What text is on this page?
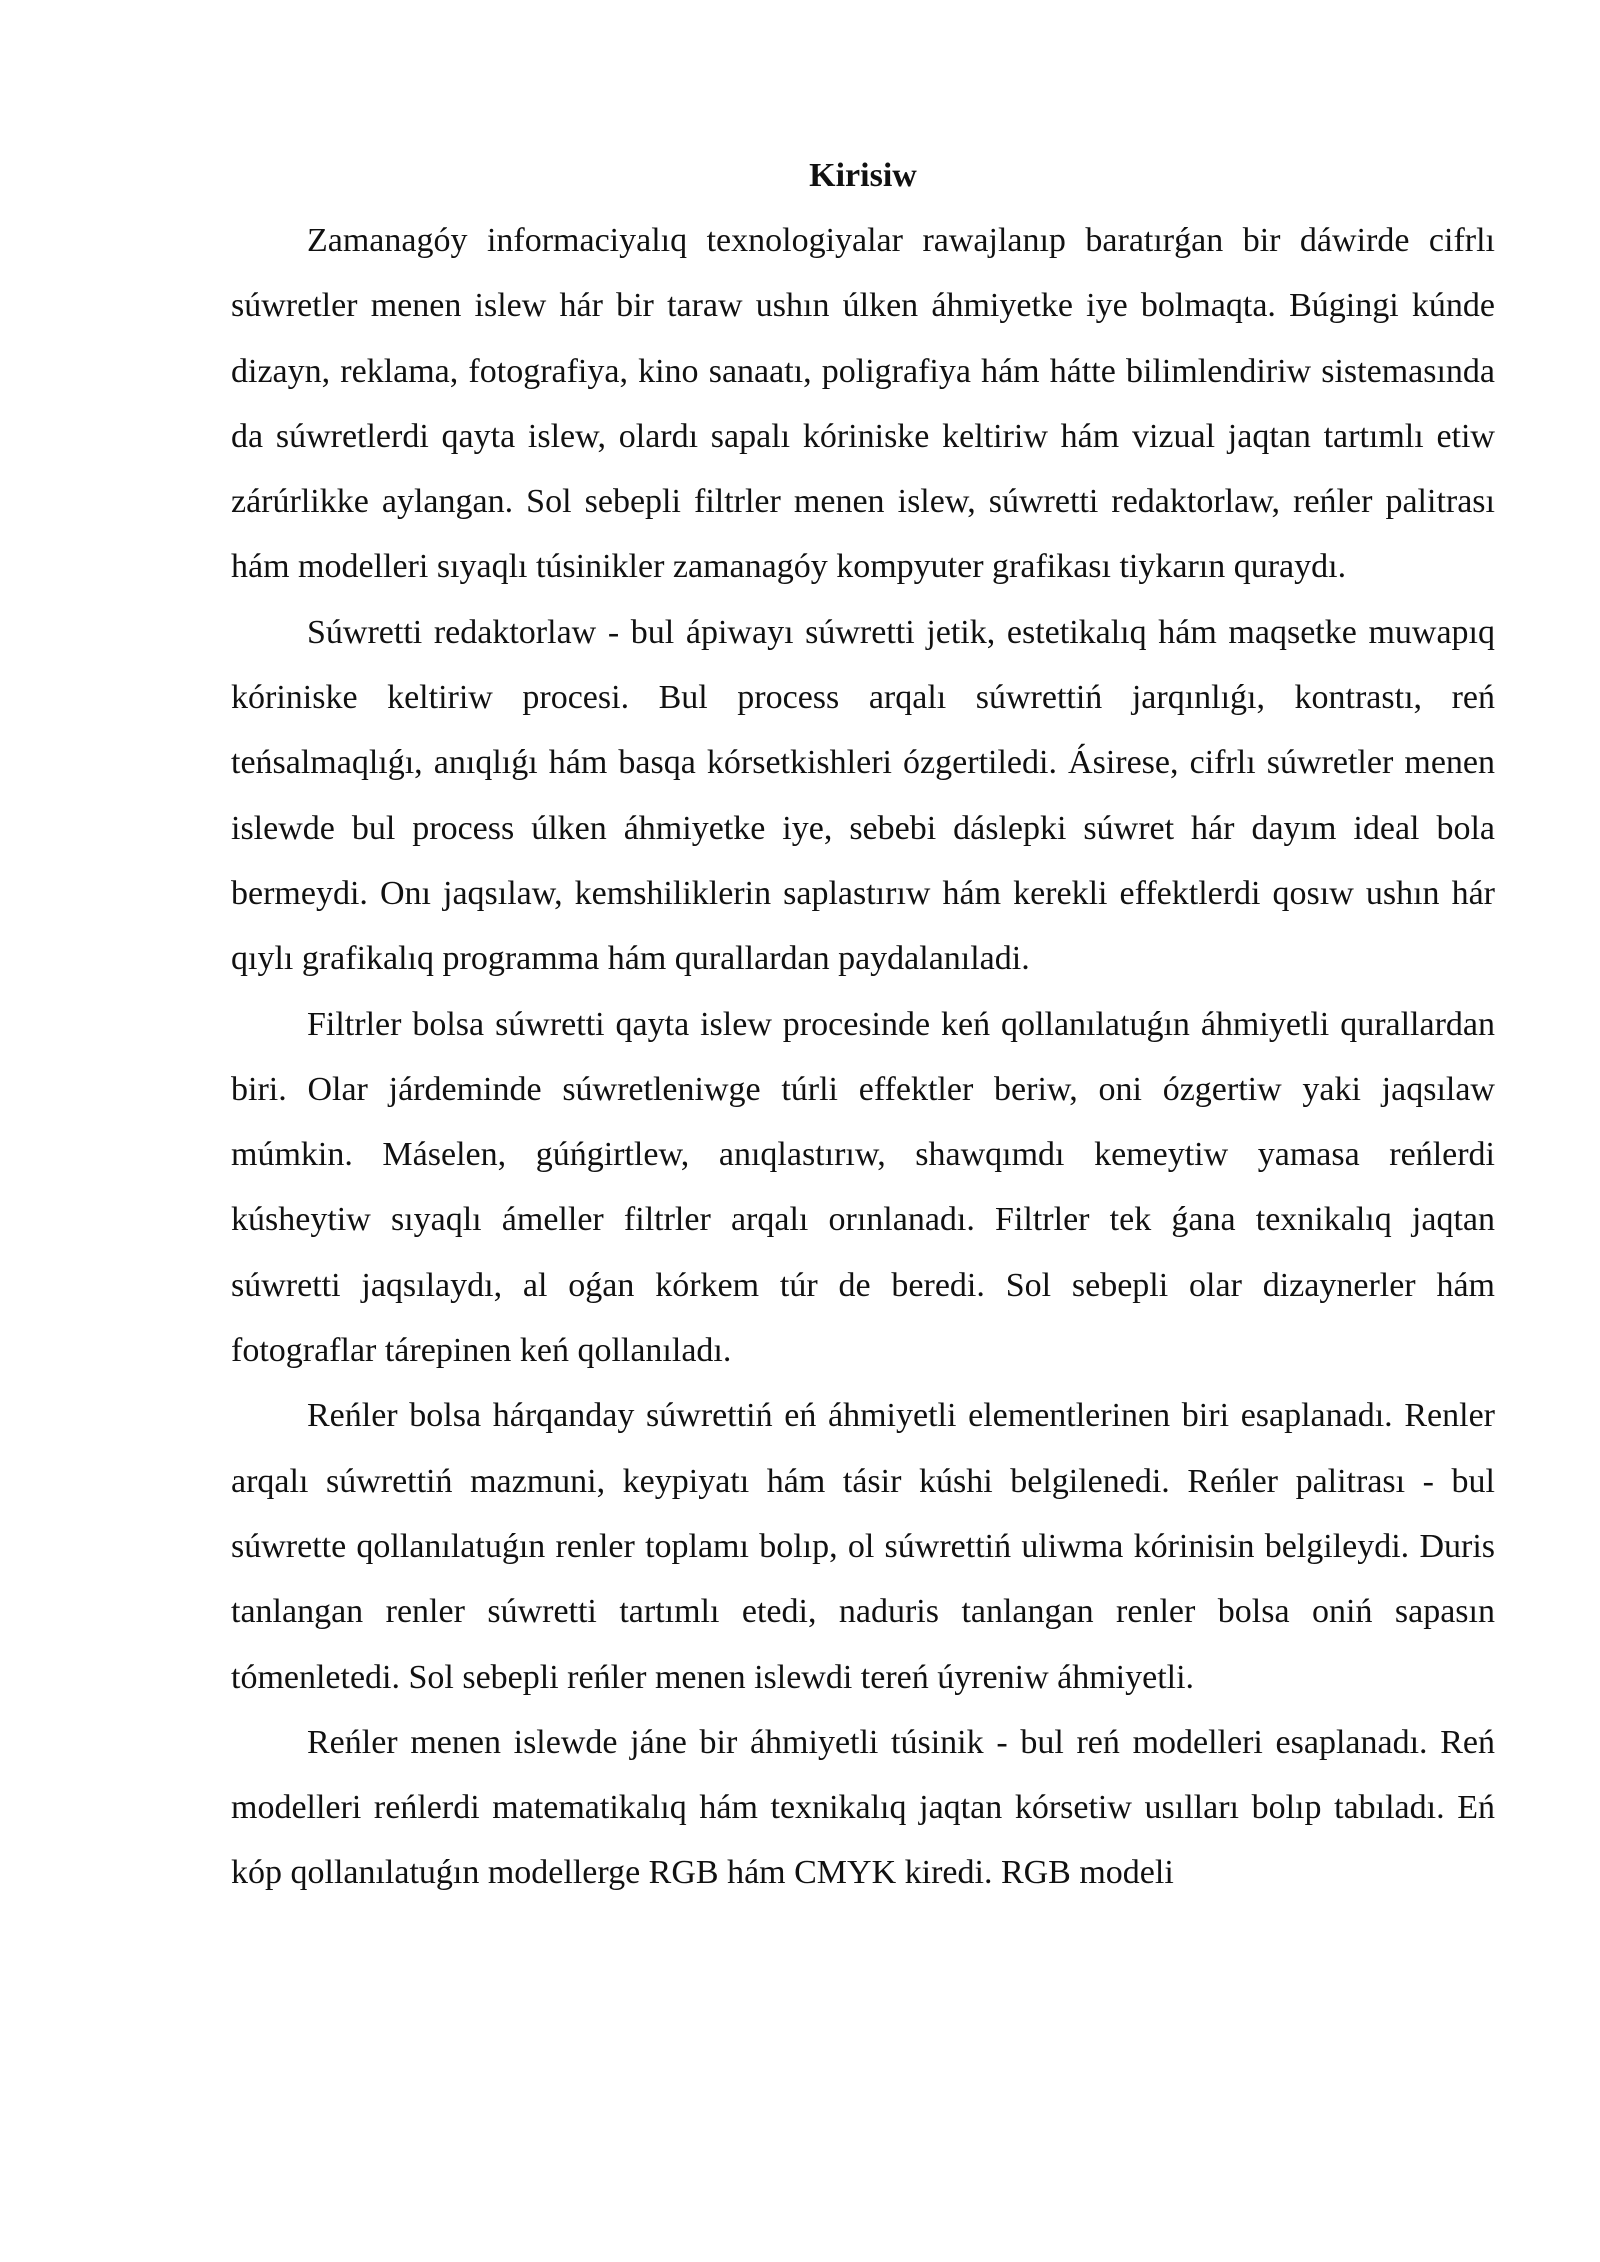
Kirisiw

Zamanagóy informaciyalıq texnologiyalar rawajlanıp baratırǵan bir dáwirde cifrlı súwretler menen islew hár bir taraw ushın úlken áhmiyetke iye bolmaqta. Búgingi kúnde dizayn, reklama, fotografiya, kino sanaatı, poligrafiya hám hátte bilimlendiriw sistemasında da súwretlerdi qayta islew, olardı sapalı kóriniske keltiriw hám vizual jaqtan tartımlı etiw zárúrlikke aylangan. Sol sebepli filtrler menen islew, súwretti redaktorlaw, reńler palitrası hám modelleri sıyaqlı túsinikler zamanagóy kompyuter grafikası tiykarın quraydı.

Súwretti redaktorlaw - bul ápiwayı súwretti jetik, estetikalıq hám maqsetke muwapıq kóriniske keltiriw procesi. Bul process arqalı súwrettiń jarqınlıǵı, kontrastı, reń teńsalmaqlıǵı, anıqlıǵı hám basqa kórsetkishleri ózgertiledi. Ásirese, cifrlı súwretler menen islewde bul process úlken áhmiyetke iye, sebebi dáslepki súwret hár dayım ideal bola bermeydi. Onı jaqsılaw, kemshiliklerin saplastırıw hám kerekli effektlerdi qosıw ushın hár qıylı grafikalıq programma hám qurallardan paydalanıladi.

Filtrler bolsa súwretti qayta islew procesinde keń qollanılatuǵın áhmiyetli qurallardan biri. Olar járdeminde súwretleniwge túrli effektler beriw, oni ózgertiw yaki jaqsılaw múmkin. Máselen, gúńgirtlew, anıqlastırıw, shawqımdı kemeytiw yamasa reńlerdi kúsheytiw sıyaqlı ámeller filtrler arqalı orınlanadı. Filtrler tek ǵana texnikalıq jaqtan súwretti jaqsılaydı, al oǵan kórkem túr de beredi. Sol sebepli olar dizaynerler hám fotograflar tárepinen keń qollanıladı.

Reńler bolsa hárqanday súwrettiń eń áhmiyetli elementlerinen biri esaplanadı. Renler arqalı súwrettiń mazmuni, keypiyatı hám tásir kúshi belgilenedi. Reńler palitrası - bul súwrette qollanılatuǵın renler toplamı bolıp, ol súwrettiń uliwma kórinisin belgileydi. Duris tanlangan renler súwretti tartımlı etedi, naduris tanlangan renler bolsa oniń sapasın tómenletedi. Sol sebepli reńler menen islewdi tereń úyreniw áhmiyetli.

Reńler menen islewde jáne bir áhmiyetli túsinik - bul reń modelleri esaplanadı. Reń modelleri reńlerdi matematikalıq hám texnikalıq jaqtan kórsetiw usılları bolıp tabıladı. Eń kóp qollanılatuǵın modellerge RGB hám CMYK kiredi. RGB modeli
